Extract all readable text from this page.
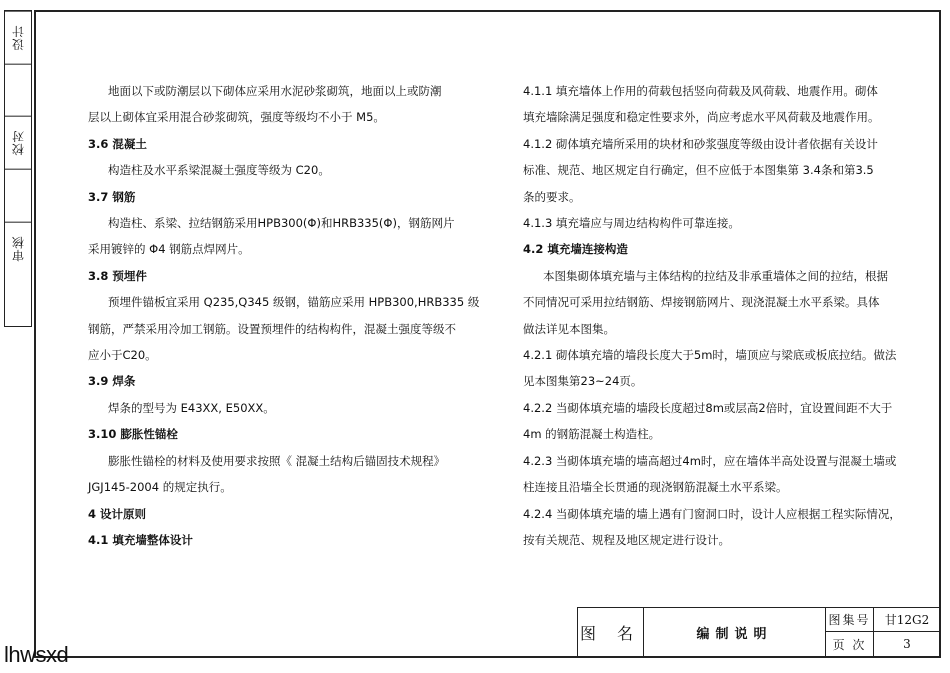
设计
校对
审核

地面以下或防潮层以下砌体应采用水泥砂浆砌筑，地面以上或防潮

层以上砌体宜采用混合砂浆砌筑，强度等级均不小于 M5。

3.6 混凝土

构造柱及水平系梁混凝土强度等级为 C20。

3.7 钢筋

构造柱、系梁、拉结钢筋采用HPB300(Φ)和HRB335(Φ)，钢筋网片

采用镀锌的 Φ4 钢筋点焊网片。

3.8 预埋件

预埋件锚板宜采用 Q235,Q345 级钢，锚筋应采用 HPB300,HRB335 级

钢筋，严禁采用冷加工钢筋。设置预埋件的结构构件，混凝土强度等级不

应小于C20。

3.9 焊条

焊条的型号为 E43XX, E50XX。

3.10 膨胀性锚栓

膨胀性锚栓的材料及使用要求按照《 混凝土结构后锚固技术规程》

JGJ145-2004 的规定执行。

4 设计原则

4.1 填充墙整体设计

4.1.1 填充墙体上作用的荷载包括竖向荷载及风荷载、地震作用。砌体

填充墙除满足强度和稳定性要求外，尚应考虑水平风荷载及地震作用。

4.1.2 砌体填充墙所采用的块材和砂浆强度等级由设计者依据有关设计

标准、规范、地区规定自行确定，但不应低于本图集第 3.4条和第3.5

条的要求。

4.1.3 填充墙应与周边结构构件可靠连接。

4.2 填充墙连接构造

本图集砌体填充墙与主体结构的拉结及非承重墙体之间的拉结，根据

不同情况可采用拉结钢筋、焊接钢筋网片、现浇混凝土水平系梁。具体

做法详见本图集。

4.2.1 砌体填充墙的墙段长度大于5m时，墙顶应与梁底或板底拉结。做法

见本图集第23~24页。

4.2.2 当砌体填充墙的墙段长度超过8m或层高2倍时，宜设置间距不大于

4m 的钢筋混凝土构造柱。

4.2.3 当砌体填充墙的墙高超过4m时，应在墙体半高处设置与混凝土墙或

柱连接且沿墙全长贯通的现浇钢筋混凝土水平系梁。

4.2.4 当砌体填充墙的墙上遇有门窗洞口时，设计人应根据工程实际情况，

按有关规范、规程及地区规定进行设计。

图 名	编制说明
图集号	甘12G2
页 次	3
lhwsxd
